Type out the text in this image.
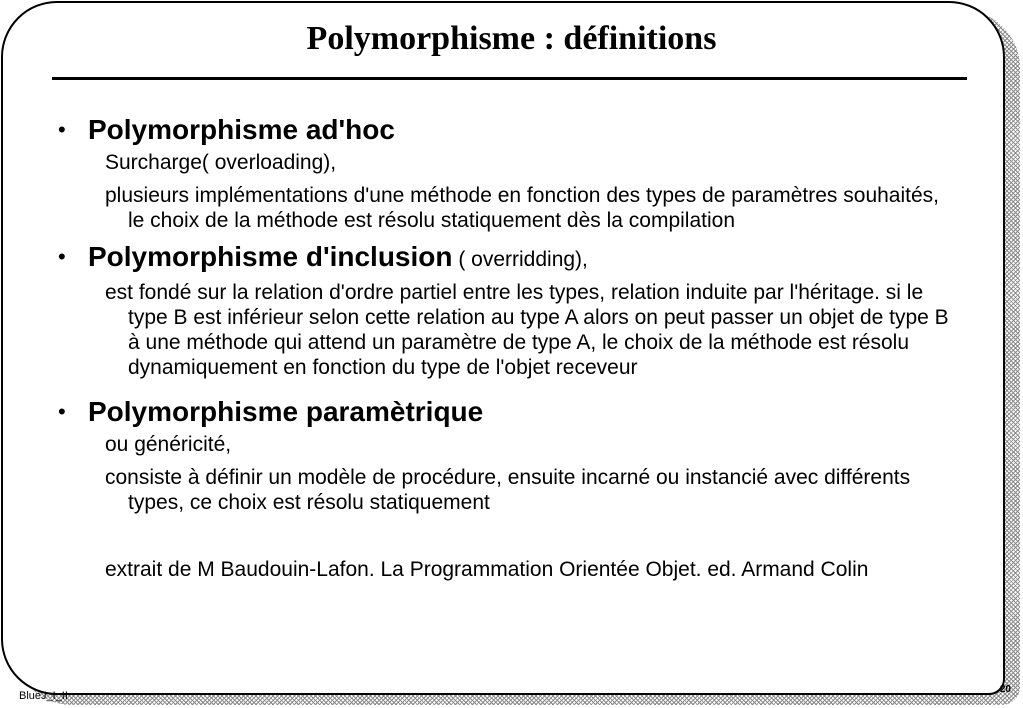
Polymorphisme : définitions
• Polymorphisme ad'hoc
Surcharge( overloading),
plusieurs implémentations d'une méthode en fonction des types de paramètres souhaités, le choix de la méthode est résolu statiquement dès la compilation
• Polymorphisme d'inclusion ( overridding),
est fondé sur la relation d'ordre partiel entre les types, relation induite par l'héritage. si le type B est inférieur selon cette relation au type A alors on peut passer un objet de type B à une méthode qui attend un paramètre de type A, le choix de la méthode est résolu dynamiquement en fonction du type de l'objet receveur
• Polymorphisme paramètrique
ou généricité,
consiste à définir un modèle de procédure, ensuite incarné ou instancié avec différents types, ce choix est résolu statiquement
extrait de M Baudouin-Lafon. La Programmation Orientée Objet. ed. Armand Colin
BlueJ_I_II
20
